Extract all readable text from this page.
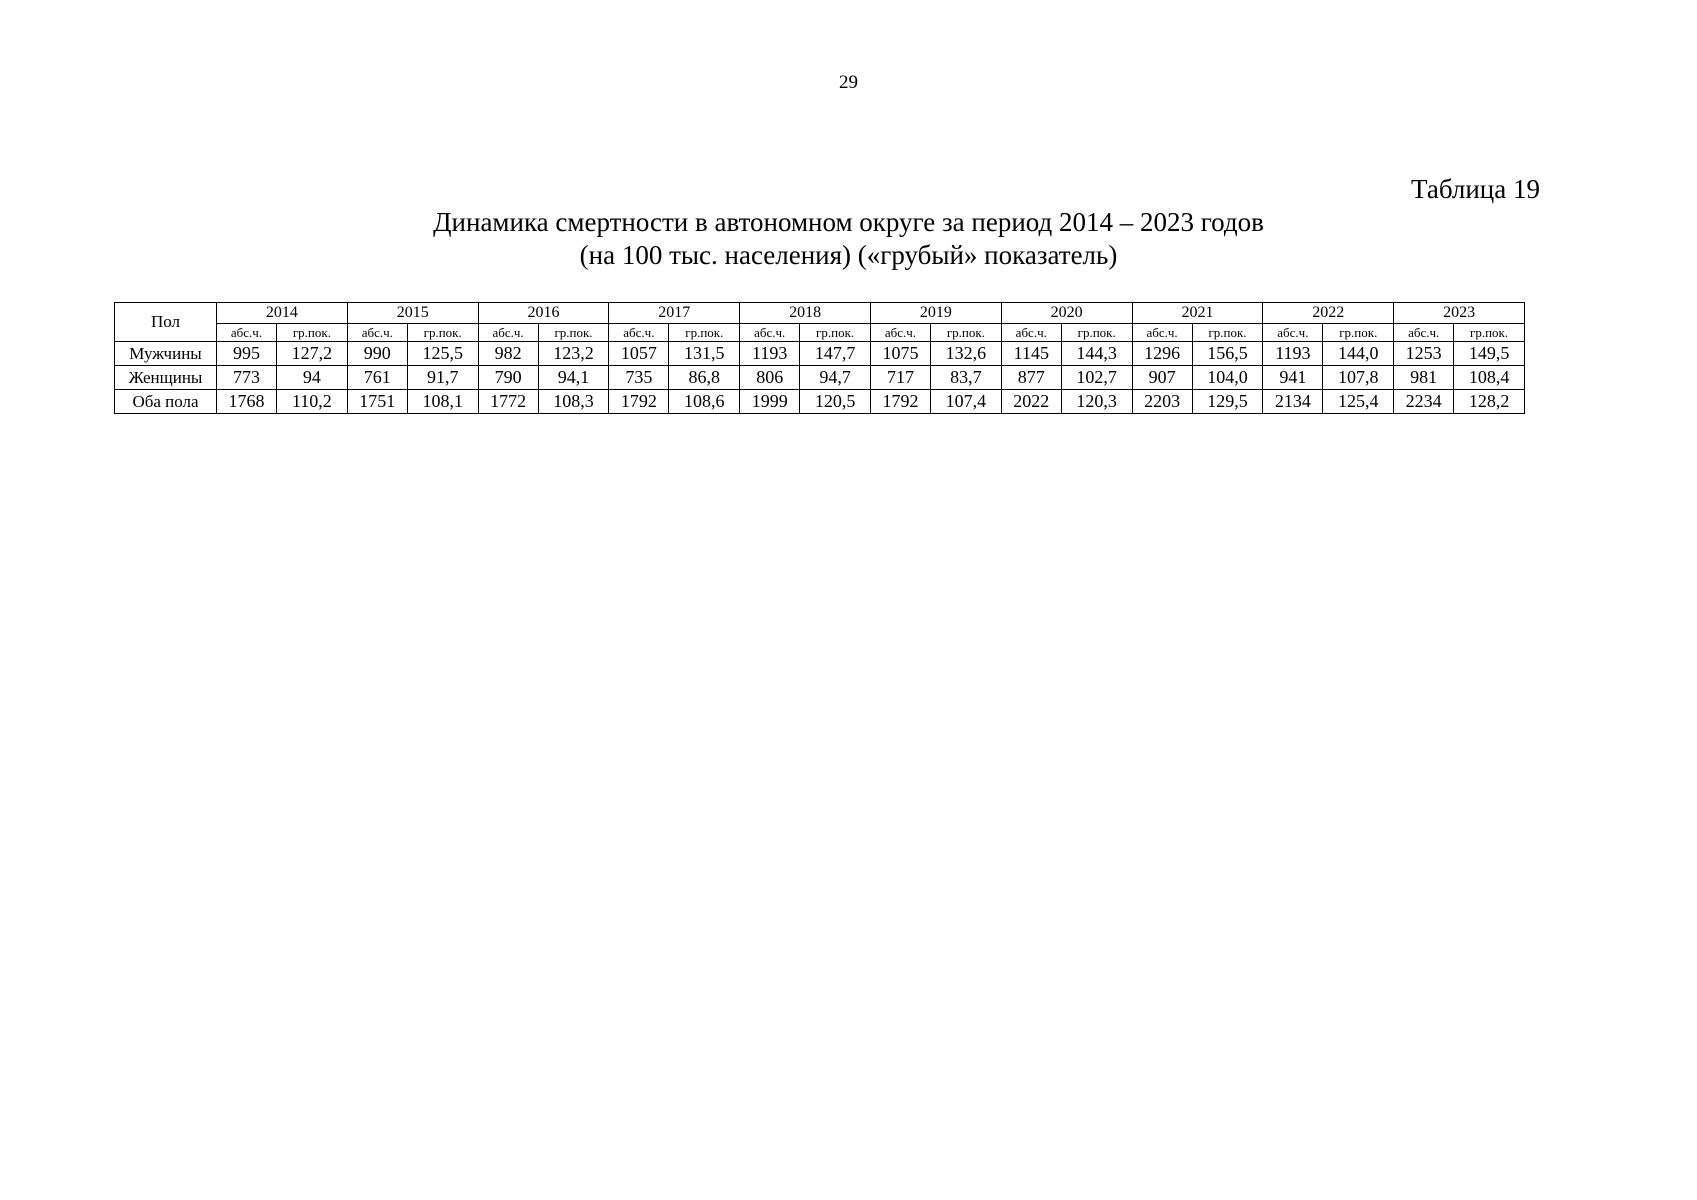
29
Таблица 19
Динамика смертности в автономном округе за период 2014 – 2023 годов
(на 100 тыс. населения) («грубый» показатель)
Пол	2014		2015		2016		2017		2018		2019		2020		2021		2022		2023	
	абс.ч.	гр.пок.	абс.ч.	гр.пок.	абс.ч.	гр.пок.	абс.ч.	гр.пок.	абс.ч.	гр.пок.	абс.ч.	гр.пок.	абс.ч.	гр.пок.	абс.ч.	гр.пок.	абс.ч.	гр.пок.	абс.ч.	гр.пок.
Мужчины	995	127,2	990	125,5	982	123,2	1057	131,5	1193	147,7	1075	132,6	1145	144,3	1296	156,5	1193	144,0	1253	149,5
Женщины	773	94	761	91,7	790	94,1	735	86,8	806	94,7	717	83,7	877	102,7	907	104,0	941	107,8	981	108,4
Оба пола	1768	110,2	1751	108,1	1772	108,3	1792	108,6	1999	120,5	1792	107,4	2022	120,3	2203	129,5	2134	125,4	2234	128,2
